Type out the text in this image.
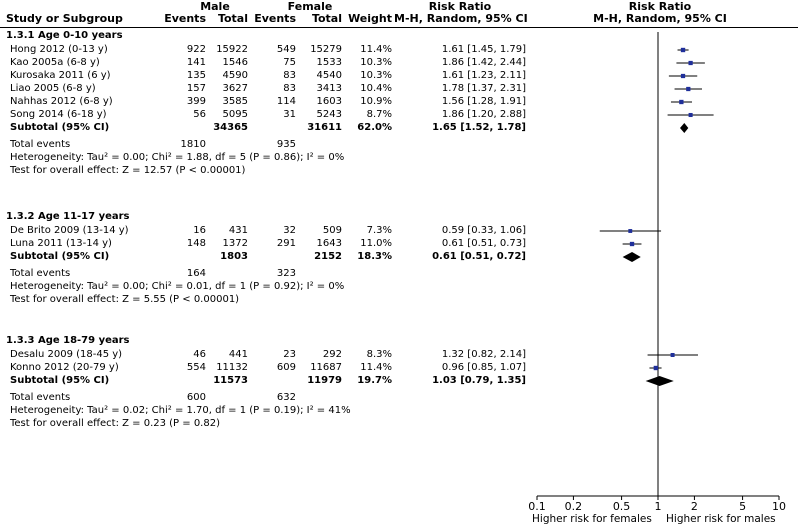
Study or Subgroup
Male	Female
Events	Total Events	Total Weight
Risk Ratio
M-H, Random, 95% CI
Risk Ratio
M-H, Random, 95% CI
1.3.1 Age 0-10 years
Hong 2012 (0-13 y)	922	15922	549	15279	11.4%	1.61 [1.45, 1.79]
Kao 2005a (6-8 y)	141	1546	75	1533	10.3%	1.86 [1.42, 2.44]
Kurosaka 2011 (6 y)	135	4590	83	4540	10.3%	1.61 [1.23, 2.11]
Liao 2005 (6-8 y)	157	3627	83	3413	10.4%	1.78 [1.37, 2.31]
Nahhas 2012 (6-8 y)	399	3585	114	1603	10.9%	1.56 [1.28, 1.91]
Song 2014 (6-18 y)	56	5095	31	5243	8.7%	1.86 [1.20, 2.88]
Subtotal (95% CI)	34365	31611	62.0%	1.65 [1.52, 1.78]
Total events	1810	935
Heterogeneity: Tau² = 0.00; Chi² = 1.88, df = 5 (P = 0.86); I² = 0%
Test for overall effect: Z = 12.57 (P < 0.00001)
1.3.2 Age 11-17 years
De Brito 2009 (13-14 y)	16	431	32	509	7.3%	0.59 [0.33, 1.06]
Luna 2011 (13-14 y)	148	1372	291	1643	11.0%	0.61 [0.51, 0.73]
Subtotal (95% CI)	1803	2152	18.3%	0.61 [0.51, 0.72]
Total events	164	323
Heterogeneity: Tau² = 0.00; Chi² = 0.01, df = 1 (P = 0.92); I² = 0%
Test for overall effect: Z = 5.55 (P < 0.00001)
1.3.3 Age 18-79 years
Desalu 2009 (18-45 y)	46	441	23	292	8.3%	1.32 [0.82, 2.14]
Konno 2012 (20-79 y)	554	11132	609	11687	11.4%	0.96 [0.85, 1.07]
Subtotal (95% CI)	11573	11979	19.7%	1.03 [0.79, 1.35]
Total events	600	632
Heterogeneity: Tau² = 0.02; Chi² = 1.70, df = 1 (P = 0.19); I² = 41%
Test for overall effect: Z = 0.23 (P = 0.82)
0.1	0.2	0.5	1	2	5	10
Higher risk for females Higher risk for males
